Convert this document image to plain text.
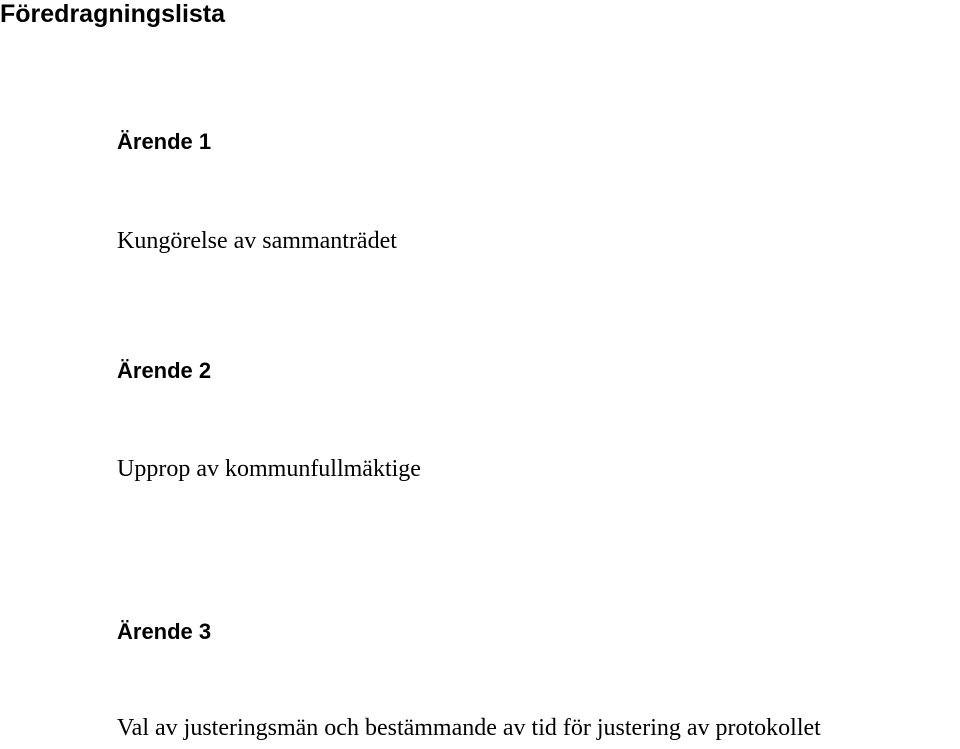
Föredragningslista
Ärende 1

Kungörelse av sammanträdet

Ärende 2

Upprop av kommunfullmäktige

Ärende 3

Val av justeringsmän och bestämmande av tid för justering av protokollet
